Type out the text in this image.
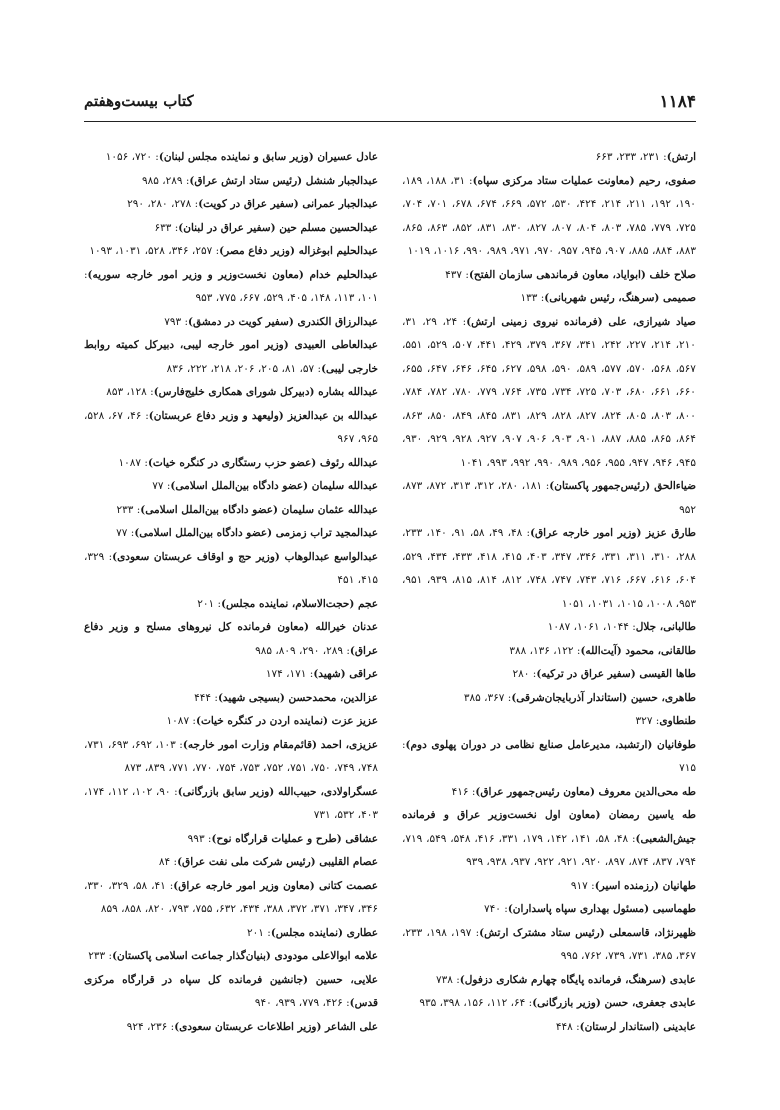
۱۱۸۴
کتاب بیست‌وهفتم

ارتش): ۲۳۱، ۲۳۳، ۶۶۳

صفوی، رحیم (معاونت عملیات ستاد مرکزی سپاه): ۳۱، ۱۸۸، ۱۸۹، ۱۹۰، ۱۹۲، ۲۱۱، ۲۱۴، ۴۲۴، ۵۳۰، ۵۷۲، ۶۶۹، ۶۷۴، ۶۷۸، ۷۰۱، ۷۰۴، ۷۲۵، ۷۷۹، ۷۸۵، ۸۰۳، ۸۰۴، ۸۰۷، ۸۲۷، ۸۳۰، ۸۳۱، ۸۵۲، ۸۶۳، ۸۶۵، ۸۸۳، ۸۸۴، ۸۸۵، ۹۰۷، ۹۴۵، ۹۵۷، ۹۷۰، ۹۷۱، ۹۸۹، ۹۹۰، ۱۰۱۶، ۱۰۱۹

صلاح خلف (ابوایاد، معاون فرماندهی سازمان الفتح): ۴۳۷

صمیمی (سرهنگ، رئیس شهربانی): ۱۳۳

صیاد شیرازی، علی (فرمانده نیروی زمینی ارتش): ۲۴، ۲۹، ۳۱، ۲۱۰، ۲۱۴، ۲۲۷، ۲۴۲، ۳۴۱، ۳۶۷، ۳۷۹، ۴۲۹، ۴۴۱، ۵۰۷، ۵۲۹، ۵۵۱، ۵۶۷، ۵۶۸، ۵۷۰، ۵۷۷، ۵۸۹، ۵۹۰، ۵۹۸، ۶۲۷، ۶۴۵، ۶۴۶، ۶۴۷، ۶۵۵، ۶۶۰، ۶۶۱، ۶۸۰، ۷۰۳، ۷۲۵، ۷۳۴، ۷۳۵، ۷۶۴، ۷۷۹، ۷۸۰، ۷۸۲، ۷۸۴، ۸۰۰، ۸۰۳، ۸۰۵، ۸۲۴، ۸۲۷، ۸۲۸، ۸۲۹، ۸۳۱، ۸۴۵، ۸۴۹، ۸۵۰، ۸۶۳، ۸۶۴، ۸۶۵، ۸۸۵، ۸۸۷، ۹۰۱، ۹۰۳، ۹۰۶، ۹۰۷، ۹۲۷، ۹۲۸، ۹۲۹، ۹۳۰، ۹۴۵، ۹۴۶، ۹۴۷، ۹۵۵، ۹۵۶، ۹۸۹، ۹۹۰، ۹۹۲، ۹۹۳، ۱۰۴۱

ضیاءالحق (رئیس‌جمهور پاکستان): ۱۸۱، ۲۸۰، ۳۱۲، ۳۱۳، ۸۷۲، ۸۷۳، ۹۵۲

طارق عزیز (وزیر امور خارجه عراق): ۴۸، ۴۹، ۵۸، ۹۱، ۱۴۰، ۲۳۳، ۲۸۸، ۳۱۰، ۳۱۱، ۳۳۱، ۳۴۶، ۳۴۷، ۴۰۳، ۴۱۵، ۴۱۸، ۴۳۳، ۴۳۴، ۵۲۹، ۶۰۴، ۶۱۶، ۶۶۷، ۷۱۶، ۷۴۳، ۷۴۷، ۷۴۸، ۸۱۲، ۸۱۴، ۸۱۵، ۹۳۹، ۹۵۱، ۹۵۳، ۱۰۰۸، ۱۰۱۵، ۱۰۳۱، ۱۰۵۱

طالبانی، جلال: ۱۰۴۴، ۱۰۶۱، ۱۰۸۷

طالقانی، محمود (آیت‌الله): ۱۲۲، ۱۳۶، ۳۸۸

طاها القیسی (سفیر عراق در ترکیه): ۲۸۰

طاهری، حسین (استاندار آذربایجان‌شرقی): ۳۶۷، ۳۸۵

طنطاوی: ۳۲۷

طوفانیان (ارتشبد، مدیرعامل صنایع نظامی در دوران پهلوی دوم): ۷۱۵

طه محی‌الدین معروف (معاون رئیس‌جمهور عراق): ۴۱۶

طه یاسین رمضان (معاون اول نخست‌وزیر عراق و فرمانده جیش‌الشعبی): ۴۸، ۵۸، ۱۴۱، ۱۴۲، ۱۷۹، ۳۳۱، ۴۱۶، ۵۴۸، ۵۴۹، ۷۱۹، ۷۹۴، ۸۳۷، ۸۷۴، ۸۹۷، ۹۲۰، ۹۲۱، ۹۲۲، ۹۳۷، ۹۳۸، ۹۳۹

طهانیان (رزمنده اسیر): ۹۱۷

طهماسبی (مسئول بهداری سپاه پاسداران): ۷۴۰

ظهیرنژاد، قاسمعلی (رئیس ستاد مشترک ارتش): ۱۹۷، ۱۹۸، ۲۳۳، ۳۶۷، ۳۸۵، ۷۳۱، ۷۳۹، ۷۶۲، ۹۹۵

عابدی (سرهنگ، فرمانده پایگاه چهارم شکاری دزفول): ۷۳۸

عابدی جعفری، حسن (وزیر بازرگانی): ۶۴، ۱۱۲، ۱۵۶، ۳۹۸، ۹۳۵

عابدینی (استاندار لرستان): ۴۴۸

عادل عسیران (وزیر سابق و نماینده مجلس لبنان): ۷۲۰، ۱۰۵۶

عبدالجبار شنشل (رئیس ستاد ارتش عراق): ۲۸۹، ۹۸۵

عبدالجبار عمرانی (سفیر عراق در کویت): ۲۷۸، ۲۸۰، ۲۹۰

عبدالحسین مسلم حین (سفیر عراق در لبنان): ۶۳۳

عبدالحلیم ابوغزاله (وزیر دفاع مصر): ۲۵۷، ۳۴۶، ۵۲۸، ۱۰۳۱، ۱۰۹۳

عبدالحلیم خدام (معاون نخست‌وزیر و وزیر امور خارجه سوریه): ۱۰۱، ۱۱۳، ۱۴۸، ۴۰۵، ۵۲۹، ۶۶۷، ۷۷۵، ۹۵۳

عبدالرزاق الکندری (سفیر کویت در دمشق): ۷۹۳

عبدالعاطی العبیدی (وزیر امور خارجه لیبی، دبیرکل کمیته روابط خارجی لیبی): ۵۷، ۸۱، ۲۰۵، ۲۰۶، ۲۱۸، ۲۲۲، ۸۳۶

عبدالله بشاره (دبیرکل شورای همکاری خلیج‌فارس): ۱۲۸، ۸۵۳

عبدالله بن عبدالعزیز (ولیعهد و وزیر دفاع عربستان): ۴۶، ۶۷، ۵۲۸، ۹۶۵، ۹۶۷

عبدالله رئوف (عضو حزب رستگاری در کنگره خیات): ۱۰۸۷

عبدالله سلیمان (عضو دادگاه بین‌الملل اسلامی): ۷۷

عبدالله عثمان سلیمان (عضو دادگاه بین‌الملل اسلامی): ۲۳۳

عبدالمجید تراب زمزمی (عضو دادگاه بین‌الملل اسلامی): ۷۷

عبدالواسع عبدالوهاب (وزیر حج و اوقاف عربستان سعودی): ۳۲۹، ۴۱۵، ۴۵۱

عجم (حجت‌الاسلام، نماینده مجلس): ۲۰۱

عدنان خیرالله (معاون فرمانده کل نیروهای مسلح و وزیر دفاع عراق): ۲۸۹، ۲۹۰، ۸۰۹، ۹۸۵

عراقی (شهید): ۱۷۱، ۱۷۴

عزالدین، محمدحسن (بسیجی شهید): ۴۴۴

عزیز عزت (نماینده اردن در کنگره خیات): ۱۰۸۷

عزیزی، احمد (قائم‌مقام وزارت امور خارجه): ۱۰۳، ۶۹۲، ۶۹۳، ۷۳۱، ۷۴۸، ۷۴۹، ۷۵۰، ۷۵۱، ۷۵۲، ۷۵۳، ۷۵۴، ۷۷۰، ۷۷۱، ۸۳۹، ۸۷۳

عسگراولادی، حبیب‌الله (وزیر سابق بازرگانی): ۹۰، ۱۰۲، ۱۱۲، ۱۷۴، ۴۰۳، ۵۳۲، ۷۳۱

عشاقی (طرح و عملیات قرارگاه نوح): ۹۹۳

عصام القلیبی (رئیس شرکت ملی نفت عراق): ۸۴

عصمت کتانی (معاون وزیر امور خارجه عراق): ۴۱، ۵۸، ۳۲۹، ۳۳۰، ۳۴۶، ۳۴۷، ۳۷۱، ۳۷۲، ۳۸۸، ۴۳۴، ۶۳۲، ۷۵۵، ۷۹۳، ۸۲۰، ۸۵۸، ۸۵۹

عطاری (نماینده مجلس): ۲۰۱

علامه ابوالاعلی مودودی (بنیان‌گذار جماعت اسلامی پاکستان): ۲۳۳

علایی، حسین (جانشین فرمانده کل سپاه در قرارگاه مرکزی قدس): ۴۲۶، ۷۷۹، ۹۳۹، ۹۴۰

علی الشاعر (وزیر اطلاعات عربستان سعودی): ۲۳۶، ۹۲۴
